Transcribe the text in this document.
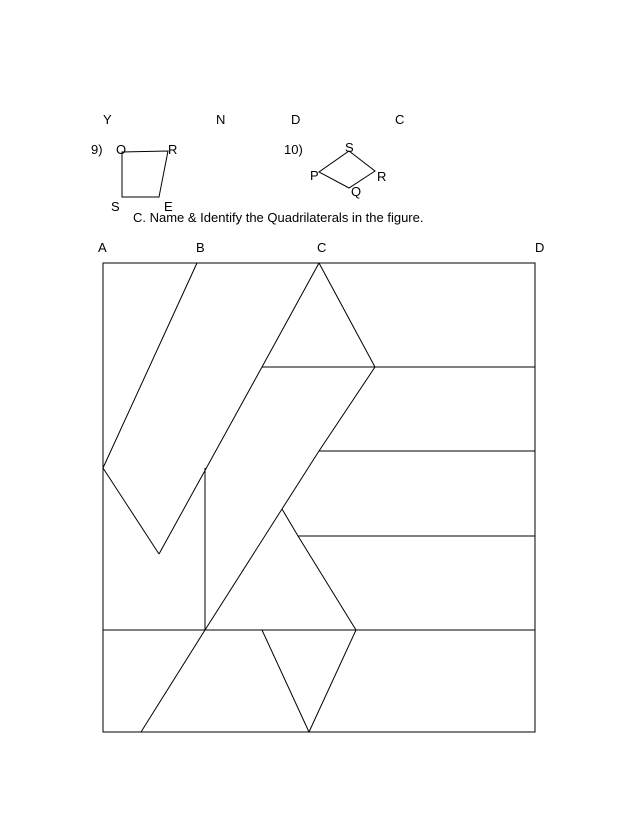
Y	N	D	C
9)	10)
O	R
S	E
S
P	R
Q
C. Name & Identify the Quadrilaterals in the figure.
A	B	C	D
